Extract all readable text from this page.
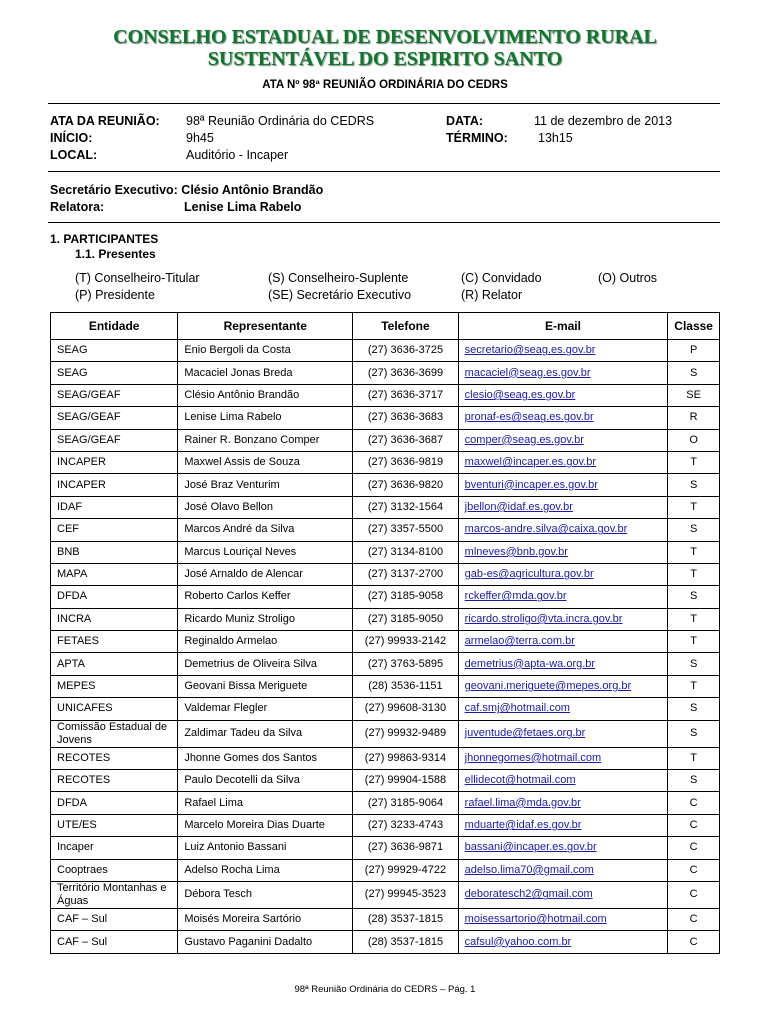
CONSELHO ESTADUAL DE DESENVOLVIMENTO RURAL
SUSTENTÁVEL DO ESPIRITO SANTO
ATA Nº 98ª REUNIÃO ORDINÁRIA DO CEDRS
ATA DA REUNIÃO: 98ª Reunião Ordinária do CEDRS	DATA:	11 de dezembro de 2013
INÍCIO:	9h45	TÉRMINO: 13h15
LOCAL:	Auditório - Incaper
Secretário Executivo: Clésio Antônio Brandão
Relatora:	Lenise Lima Rabelo
1. PARTICIPANTES
1.1. Presentes
(T) Conselheiro-Titular	(S) Conselheiro-Suplente	(C) Convidado	(O) Outros
(P) Presidente	(SE) Secretário Executivo	(R) Relator
Entidade	Representante	Telefone	E-mail	Classe
SEAG	Enio Bergoli da Costa	(27) 3636-3725	secretario@seag.es.gov.br	P
SEAG	Macaciel Jonas Breda	(27) 3636-3699	macaciel@seag.es.gov.br	S
SEAG/GEAF	Clésio Antônio Brandão	(27) 3636-3717	clesio@seag.es.gov.br	SE
SEAG/GEAF	Lenise Lima Rabelo	(27) 3636-3683	pronaf-es@seag.es.gov.br	R
SEAG/GEAF	Rainer R. Bonzano Comper	(27) 3636-3687	comper@seag.es.gov.br	O
INCAPER	Maxwel Assis de Souza	(27) 3636-9819	maxwel@incaper.es.gov.br	T
INCAPER	José Braz Venturim	(27) 3636-9820	bventuri@incaper.es.gov.br	S
IDAF	José Olavo Bellon	(27) 3132-1564	jbellon@idaf.es.gov.br	T
CEF	Marcos André da Silva	(27) 3357-5500	marcos-andre.silva@caixa.gov.br	S
BNB	Marcus Louriçal Neves	(27) 3134-8100	mlneves@bnb.gov.br	T
MAPA	José Arnaldo de Alencar	(27) 3137-2700	gab-es@agricultura.gov.br	T
DFDA	Roberto Carlos Keffer	(27) 3185-9058	rckeffer@mda.gov.br	S
INCRA	Ricardo Muniz Stroligo	(27) 3185-9050	ricardo.stroligo@vta.incra.gov.br	T
FETAES	Reginaldo Armelao	(27) 99933-2142	armelao@terra.com.br	T
APTA	Demetrius de Oliveira Silva	(27) 3763-5895	demetrius@apta-wa.org.br	S
MEPES	Geovani Bissa Meriguete	(28) 3536-1151	geovani.meriguete@mepes.org.br	T
UNICAFES	Valdemar Flegler	(27) 99608-3130	caf.smj@hotmail.com	S
Comissão Estadual de Jovens	Zaldimar Tadeu da Silva	(27) 99932-9489	juventude@fetaes.org.br	S
RECOTES	Jhonne Gomes dos Santos	(27) 99863-9314	jhonnegomes@hotmail.com	T
RECOTES	Paulo Decotelli da Silva	(27) 99904-1588	ellidecot@hotmail.com	S
DFDA	Rafael Lima	(27) 3185-9064	rafael.lima@mda.gov.br	C
UTE/ES	Marcelo Moreira Dias Duarte	(27) 3233-4743	mduarte@idaf.es.gov.br	C
Incaper	Luiz Antonio Bassani	(27) 3636-9871	bassani@incaper.es.gov.br	C
Cooptraes	Adelso Rocha Lima	(27) 99929-4722	adelso.lima70@gmail.com	C
Território Montanhas e Águas	Débora Tesch	(27) 99945-3523	deboratesch2@gmail.com	C
CAF – Sul	Moisés Moreira Sartório	(28) 3537-1815	moisessartorio@hotmail.com	C
CAF – Sul	Gustavo Paganini Dadalto	(28) 3537-1815	cafsul@yahoo.com.br	C
98ª Reunião Ordinária do CEDRS – Pág. 1
